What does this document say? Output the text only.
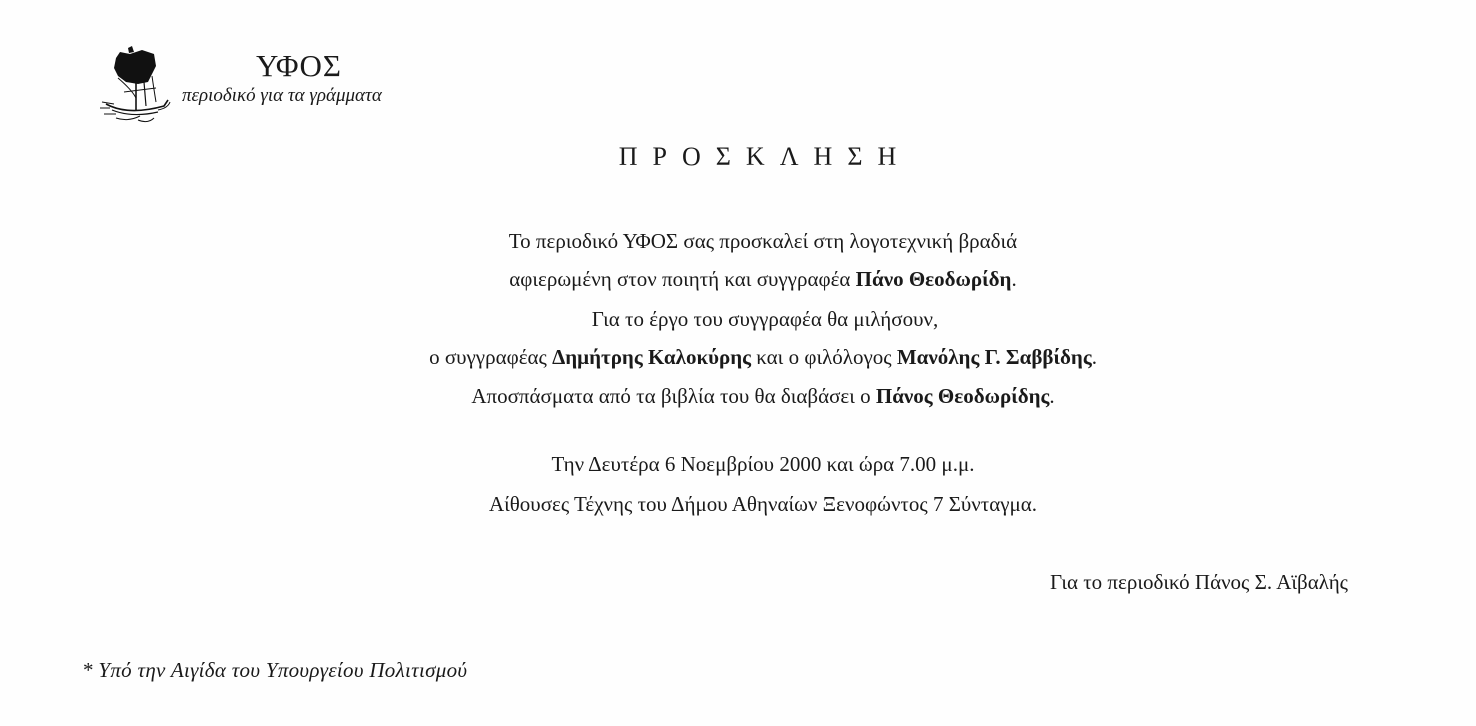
ΥΦΟΣ
περιοδικό για τα γράμματα
ΠΡΟΣΚΛΗΣΗ
Το περιοδικό ΥΦΟΣ σας προσκαλεί στη λογοτεχνική βραδιά
αφιερωμένη στον ποιητή και συγγραφέα Πάνο Θεοδωρίδη.
Για το έργο του συγγραφέα θα μιλήσουν,
ο συγγραφέας Δημήτρης Καλοκύρης και ο φιλόλογος Μανόλης Γ. Σαββίδης.
Αποσπάσματα από τα βιβλία του θα διαβάσει ο Πάνος Θεοδωρίδης.
Την Δευτέρα 6 Νοεμβρίου 2000 και ώρα 7.00 μ.μ.
Αίθουσες Τέχνης του Δήμου Αθηναίων Ξενοφώντος 7 Σύνταγμα.
Για το περιοδικό Πάνος Σ. Αϊβαλής
* Υπό την Αιγίδα του Υπουργείου Πολιτισμού
